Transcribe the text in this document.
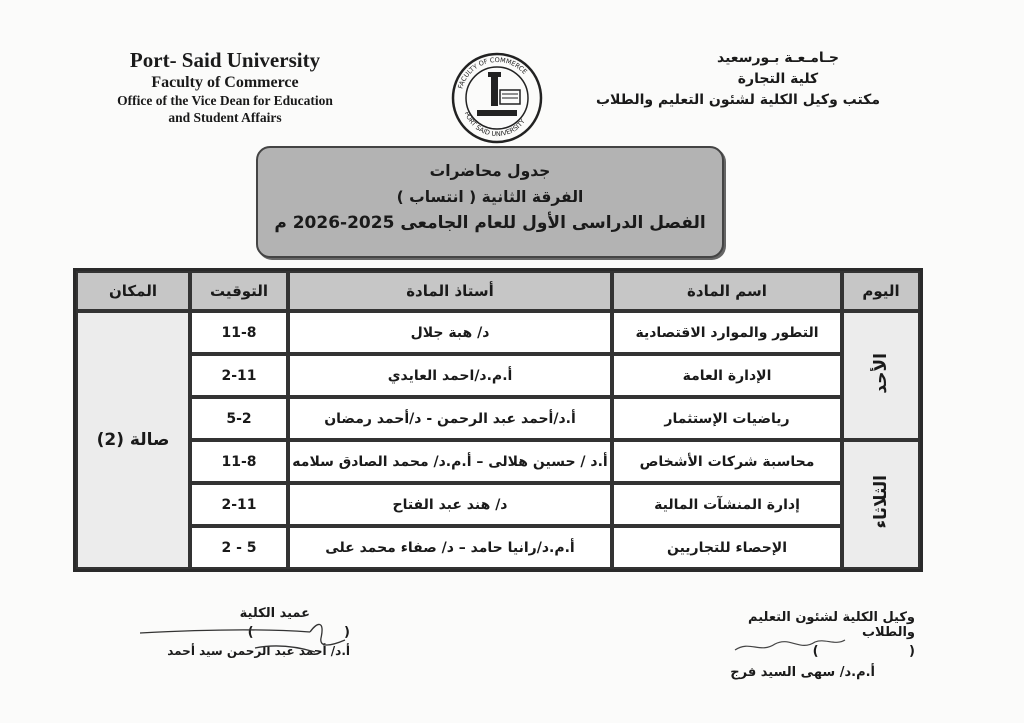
Port- Said University
Faculty of Commerce
Office of the Vice Dean for Education
and Student Affairs
جـامـعـة بـورسعيد
كلية التجارة
مكتب وكيل الكلية لشئون التعليم والطلاب
FACULTY OF COMMERCE
PORT SAID UNIVERSITY
جدول محاضرات
الفرقة الثانية ( انتساب )
الفصل الدراسى الأول للعام الجامعى 2025-2026 م
اليوم	اسم المادة	أستاذ المادة	التوقيت	المكان
الأحد	التطور والموارد الاقتصادية	د/ هبة جلال	11-8	صالة (2)
	الإدارة العامة	أ.م.د/احمد العايدي	2-11	
	رياضيات الإستثمار	أ.د/أحمد عبد الرحمن - د/أحمد رمضان	5-2	
الثلاثاء	محاسبة شركات الأشخاص	أ.د / حسين هلالى – أ.م.د/ محمد الصادق سلامه	11-8	
	إدارة المنشآت المالية	د/ هند عبد الفتاح	2-11	
	الإحصاء للتجاريين	أ.م.د/رانيا حامد – د/ صفاء محمد على	5 - 2	
عميد الكلية
(                    )
أ.د/ أحمد عبد الرحمن سيد أحمد
وكيل الكلية لشئون التعليم والطلاب
(                    )
أ.م.د/ سهى السيد فرج
